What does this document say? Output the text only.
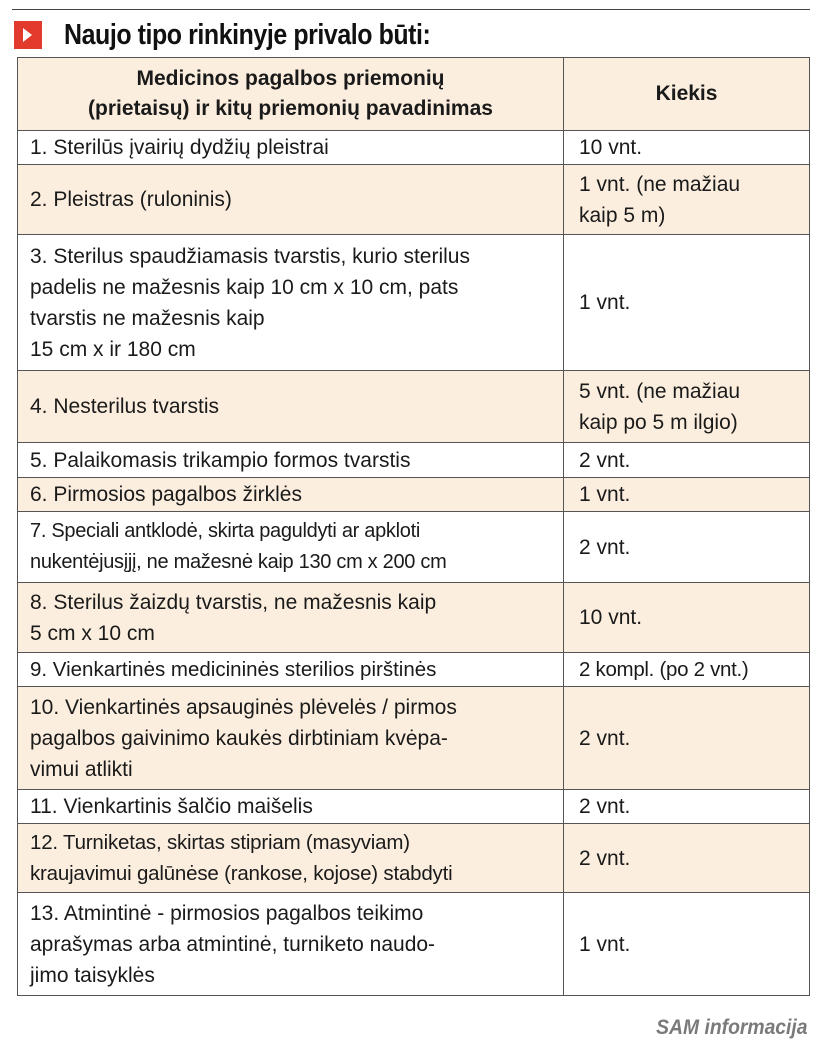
Naujo tipo rinkinyje privalo būti:
Medicinos pagalbos priemonių
(prietaisų) ir kitų priemonių pavadinimas	Kiekis

1. Sterilūs įvairių dydžių pleistrai	10 vnt.

2. Pleistras (ruloninis)	1 vnt. (ne mažiau
kaip 5 m)

3. Sterilus spaudžiamasis tvarstis, kurio sterilus
padelis ne mažesnis kaip 10 cm x 10 cm, pats
tvarstis ne mažesnis kaip
15 cm x ir 180 cm	1 vnt.

4. Nesterilus tvarstis	5 vnt. (ne mažiau
kaip po 5 m ilgio)

5. Palaikomasis trikampio formos tvarstis	2 vnt.

6. Pirmosios pagalbos žirklės	1 vnt.

7. Speciali antklodė, skirta paguldyti ar apkloti
nukentėjusįjį, ne mažesnė kaip 130 cm x 200 cm	2 vnt.

8. Sterilus žaizdų tvarstis, ne mažesnis kaip
5 cm x 10 cm	10 vnt.

9. Vienkartinės medicininės sterilios pirštinės	2 kompl. (po 2 vnt.)

10. Vienkartinės apsauginės plėvelės / pirmos
pagalbos gaivinimo kaukės dirbtiniam kvėpa-
vimui atlikti	2 vnt.

11. Vienkartinis šalčio maišelis	2 vnt.

12. Turniketas, skirtas stipriam (masyviam)
kraujavimui galūnėse (rankose, kojose) stabdyti	2 vnt.

13. Atmintinė - pirmosios pagalbos teikimo
aprašymas arba atmintinė, turniketo naudo-
jimo taisyklės	1 vnt.
SAM informacija
